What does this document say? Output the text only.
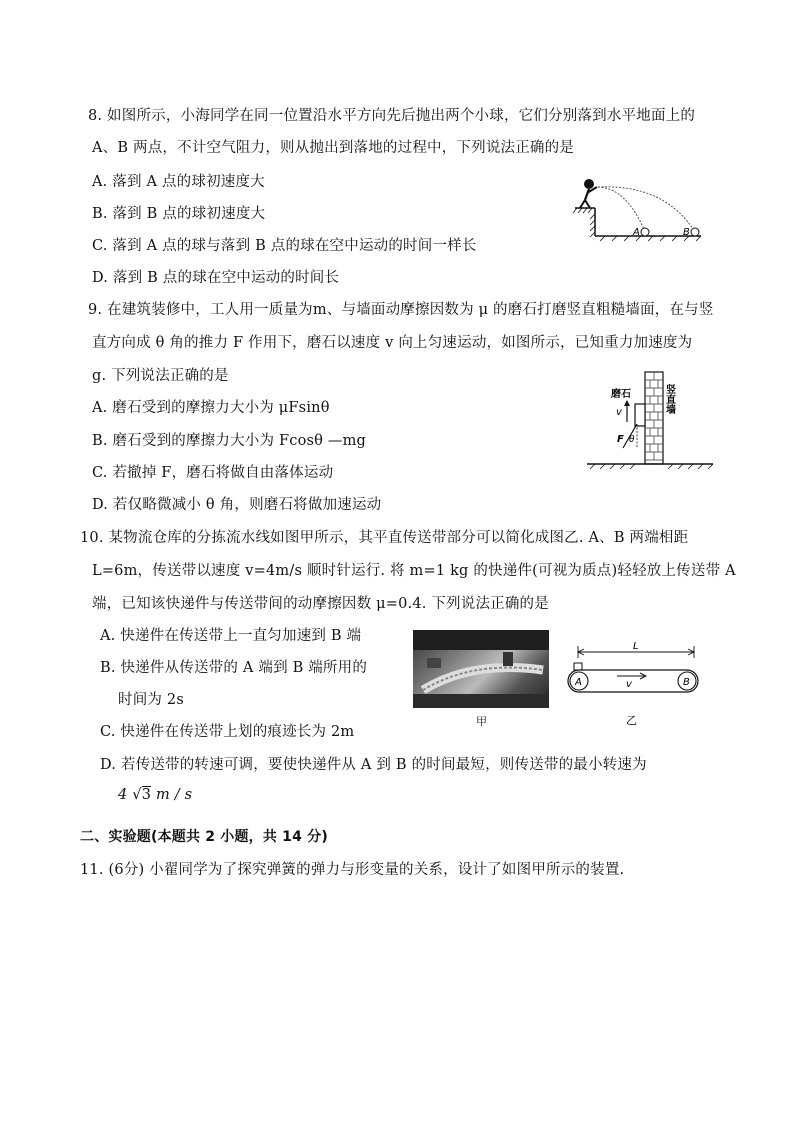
8. 如图所示，小海同学在同一位置沿水平方向先后抛出两个小球，它们分别落到水平地面上的
A、B 两点，不计空气阻力，则从抛出到落地的过程中，下列说法正确的是
A. 落到 A 点的球初速度大
B. 落到 B 点的球初速度大
C. 落到 A 点的球与落到 B 点的球在空中运动的时间一样长
D. 落到 B 点的球在空中运动的时间长
A	B
9. 在建筑装修中，工人用一质量为m、与墙面动摩擦因数为 μ 的磨石打磨竖直粗糙墙面，在与竖
直方向成 θ 角的推力 F 作用下，磨石以速度 v 向上匀速运动，如图所示，已知重力加速度为
g. 下列说法正确的是
A. 磨石受到的摩擦力大小为 μFsinθ
B. 磨石受到的摩擦力大小为 Fcosθ —mg
C. 若撤掉 F，磨石将做自由落体运动
D. 若仅略微减小 θ 角，则磨石将做加速运动
磨石
v
F θ
竖直墙
10. 某物流仓库的分拣流水线如图甲所示，其平直传送带部分可以简化成图乙. A、B 两端相距
L=6m，传送带以速度 v=4m/s 顺时针运行. 将 m=1 kg 的快递件(可视为质点)轻轻放上传送带 A
端，已知该快递件与传送带间的动摩擦因数 μ=0.4. 下列说法正确的是
A. 快递件在传送带上一直匀加速到 B 端
B. 快递件从传送带的 A 端到 B 端所用的
时间为 2s
C. 快递件在传送带上划的痕迹长为 2m
D. 若传送带的转速可调，要使快递件从 A 到 B 的时间最短，则传送带的最小转速为
4 √3 m / s
甲
L
A	B
v
乙
二、实验题(本题共 2 小题，共 14 分)
11. (6分) 小翟同学为了探究弹簧的弹力与形变量的关系，设计了如图甲所示的装置.
